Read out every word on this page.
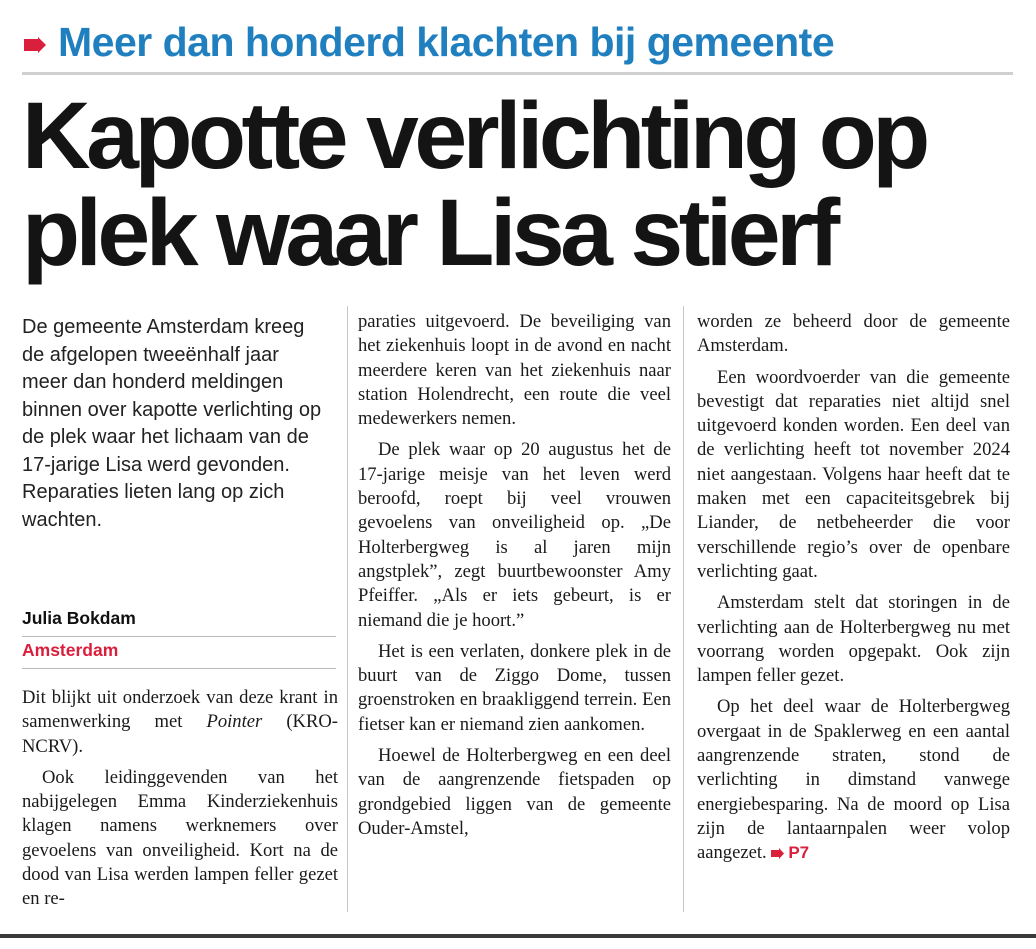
Meer dan honderd klachten bij gemeente
Kapotte verlichting op
plek waar Lisa stierf
De gemeente Amsterdam kreeg de afgelopen tweeënhalf jaar meer dan honderd meldingen binnen over kapotte verlichting op de plek waar het lichaam van de 17-jarige Lisa werd gevonden. Reparaties lieten lang op zich wachten.
Julia Bokdam
Amsterdam

Dit blijkt uit onderzoek van deze krant in samenwerking met Pointer (KRO-NCRV).

Ook leidinggevenden van het nabijgelegen Emma Kinderziekenhuis klagen namens werknemers over gevoelens van onveiligheid. Kort na de dood van Lisa werden lampen feller gezet en re-

paraties uitgevoerd. De beveiliging van het ziekenhuis loopt in de avond en nacht meerdere keren van het ziekenhuis naar station Holendrecht, een route die veel medewerkers nemen.

De plek waar op 20 augustus het de 17-jarige meisje van het leven werd beroofd, roept bij veel vrouwen gevoelens van onveiligheid op. „De Holterbergweg is al jaren mijn angstplek”, zegt buurtbewoonster Amy Pfeiffer. „Als er iets gebeurt, is er niemand die je hoort.”

Het is een verlaten, donkere plek in de buurt van de Ziggo Dome, tussen groenstroken en braakliggend terrein. Een fietser kan er niemand zien aankomen.

Hoewel de Holterbergweg en een deel van de aangrenzende fietspaden op grondgebied liggen van de gemeente Ouder-Amstel,

worden ze beheerd door de gemeente Amsterdam.

Een woordvoerder van die gemeente bevestigt dat reparaties niet altijd snel uitgevoerd konden worden. Een deel van de verlichting heeft tot november 2024 niet aangestaan. Volgens haar heeft dat te maken met een capaciteitsgebrek bij Liander, de netbeheerder die voor verschillende regio’s over de openbare verlichting gaat.

Amsterdam stelt dat storingen in de verlichting aan de Holterbergweg nu met voorrang worden opgepakt. Ook zijn lampen feller gezet.

Op het deel waar de Holterbergweg overgaat in de Spaklerweg en een aantal aangrenzende straten, stond de verlichting in dimstand vanwege energiebesparing. Na de moord op Lisa zijn de lantaarnpalen weer volop aangezet. P7
